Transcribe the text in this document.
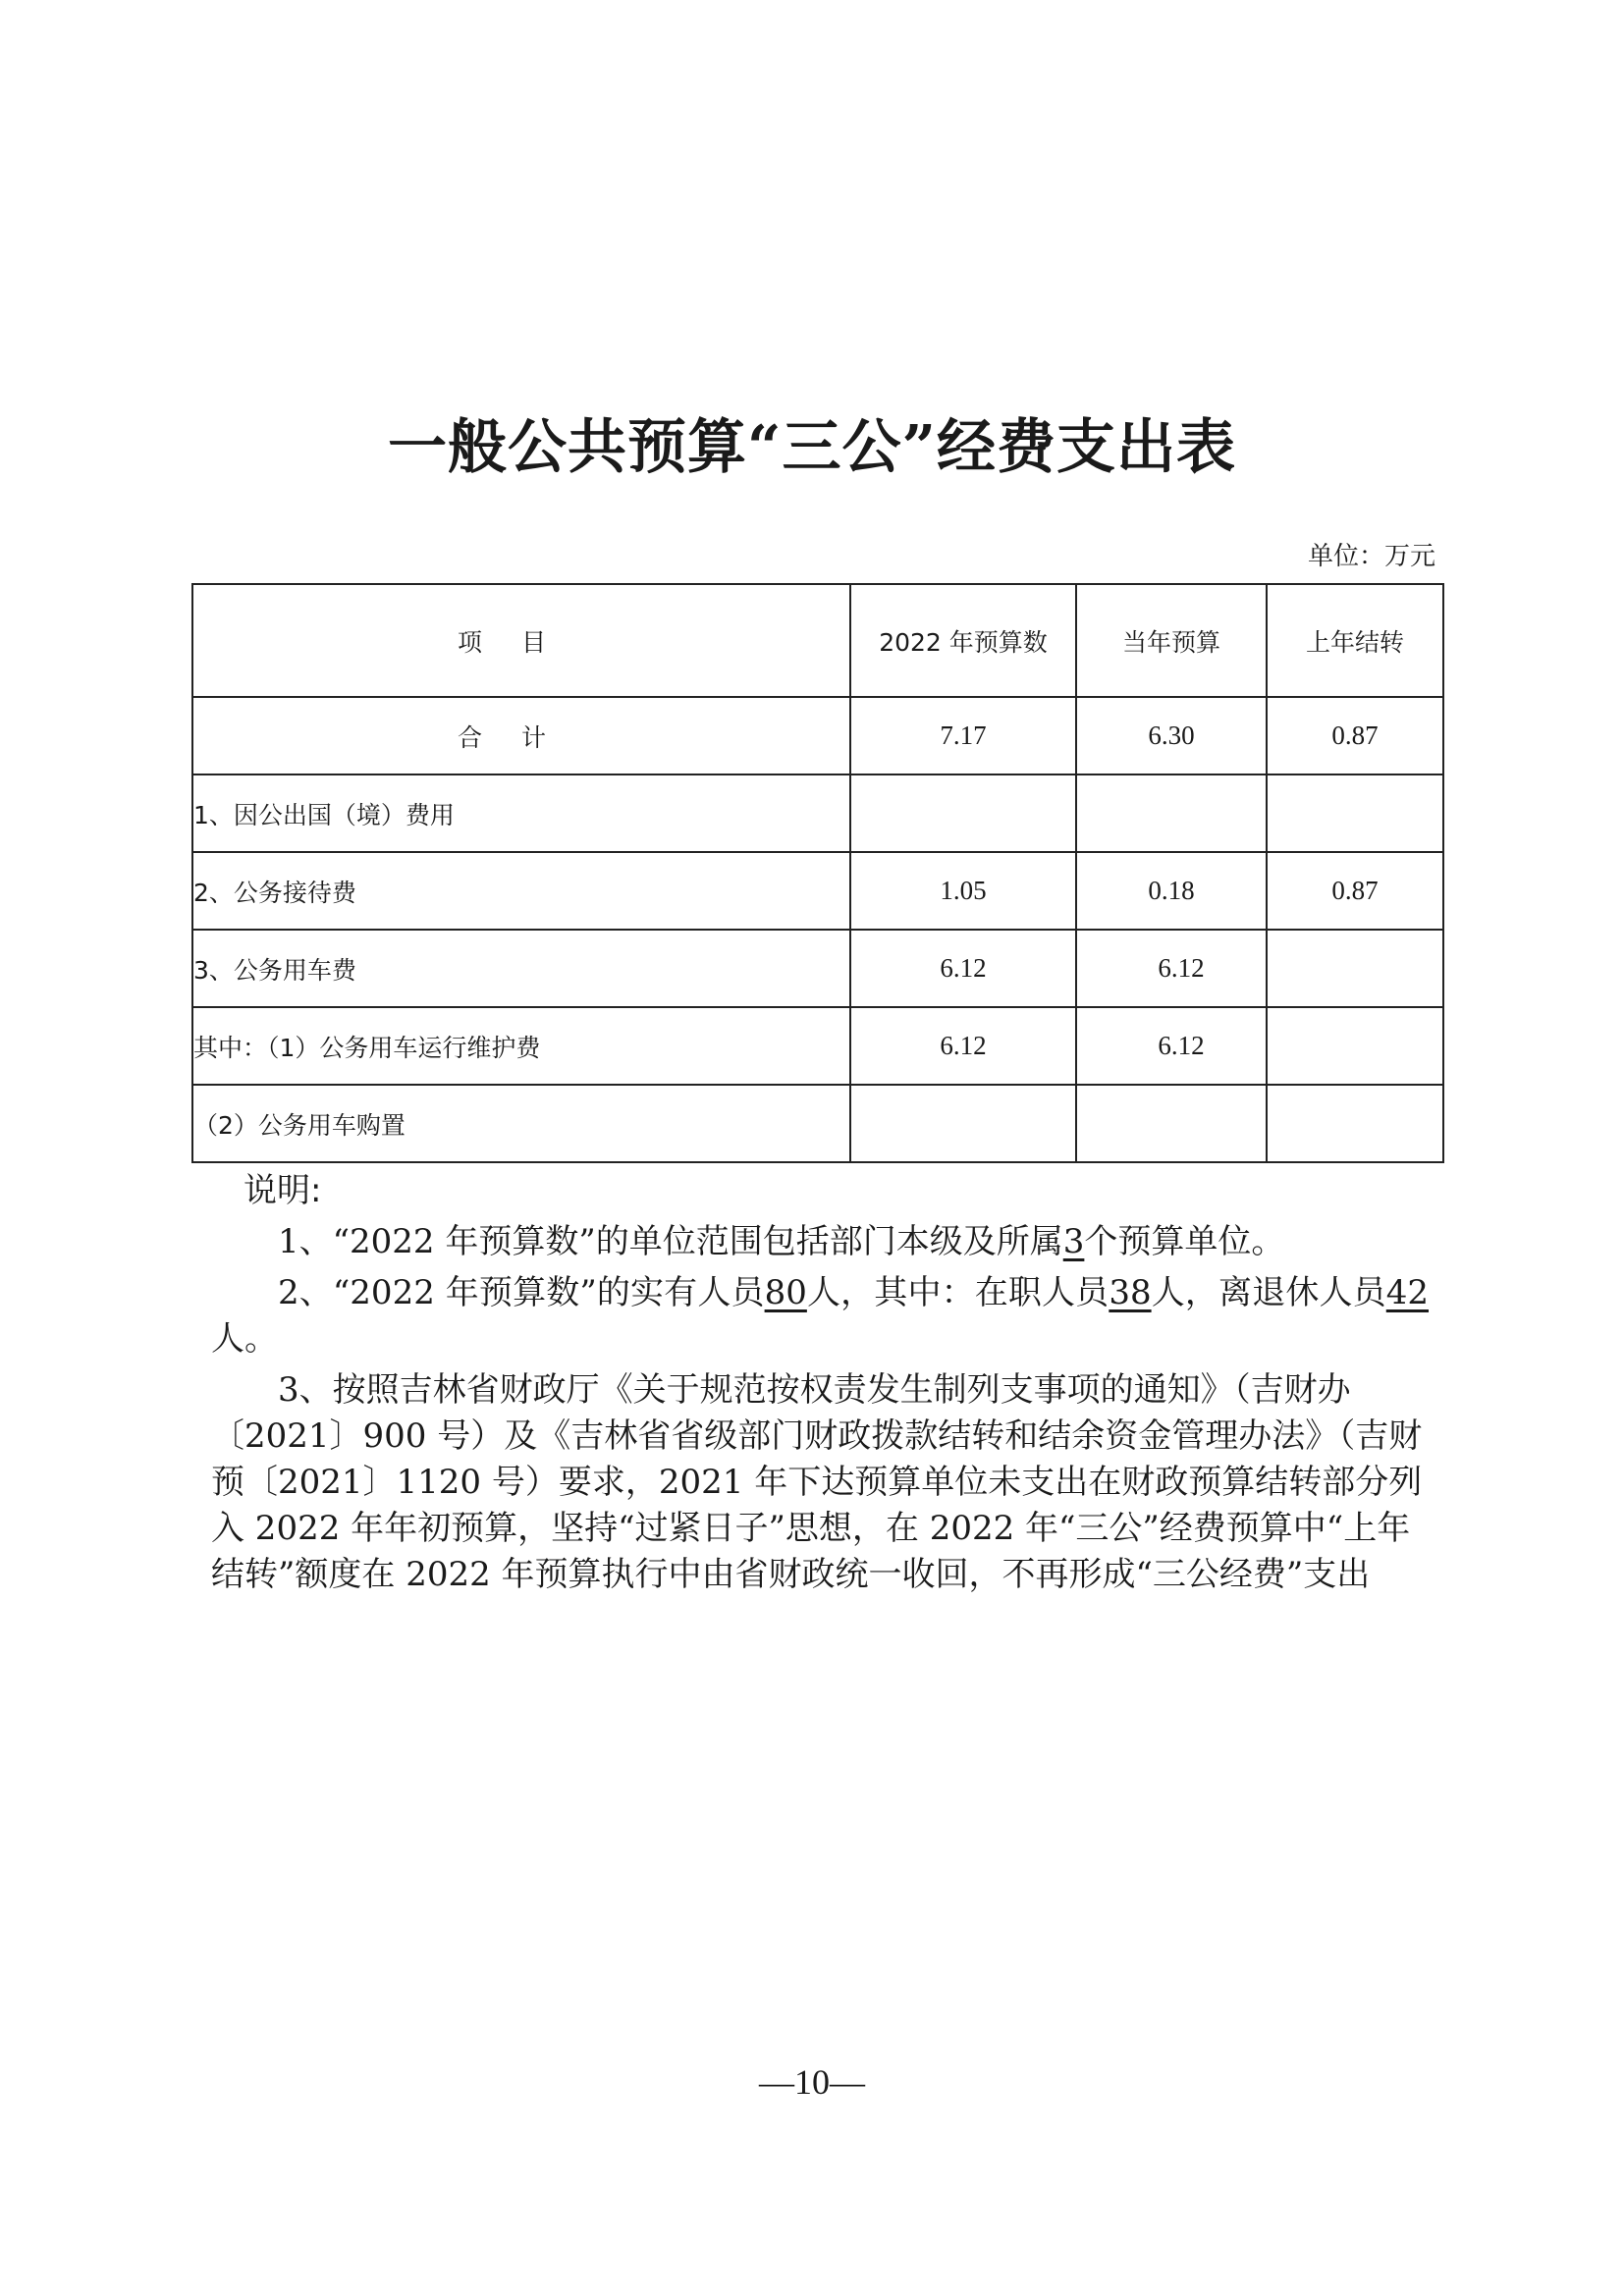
一般公共预算“三公”经费支出表
单位：万元
项目	2022 年预算数	当年预算	上年结转
合计	7.17	6.30	0.87
1、因公出国（境）费用			
2、公务接待费	1.05	0.18	0.87
3、公务用车费	6.12	6.12	
其中：（1）公务用车运行维护费	6.12	6.12	
（2）公务用车购置			
说明:

1、“2022 年预算数”的单位范围包括部门本级及所属3个预算单位。

2、“2022 年预算数”的实有人员80人，其中：在职人员38人，离退休人员42人。

3、按照吉林省财政厅《关于规范按权责发生制列支事项的通知》（吉财办〔2021〕900 号）及《吉林省省级部门财政拨款结转和结余资金管理办法》（吉财预〔2021〕1120 号）要求，2021 年下达预算单位未支出在财政预算结转部分列入 2022 年年初预算，坚持“过紧日子”思想，在 2022 年“三公”经费预算中“上年结转”额度在 2022 年预算执行中由省财政统一收回，不再形成“三公经费”支出

—10—
